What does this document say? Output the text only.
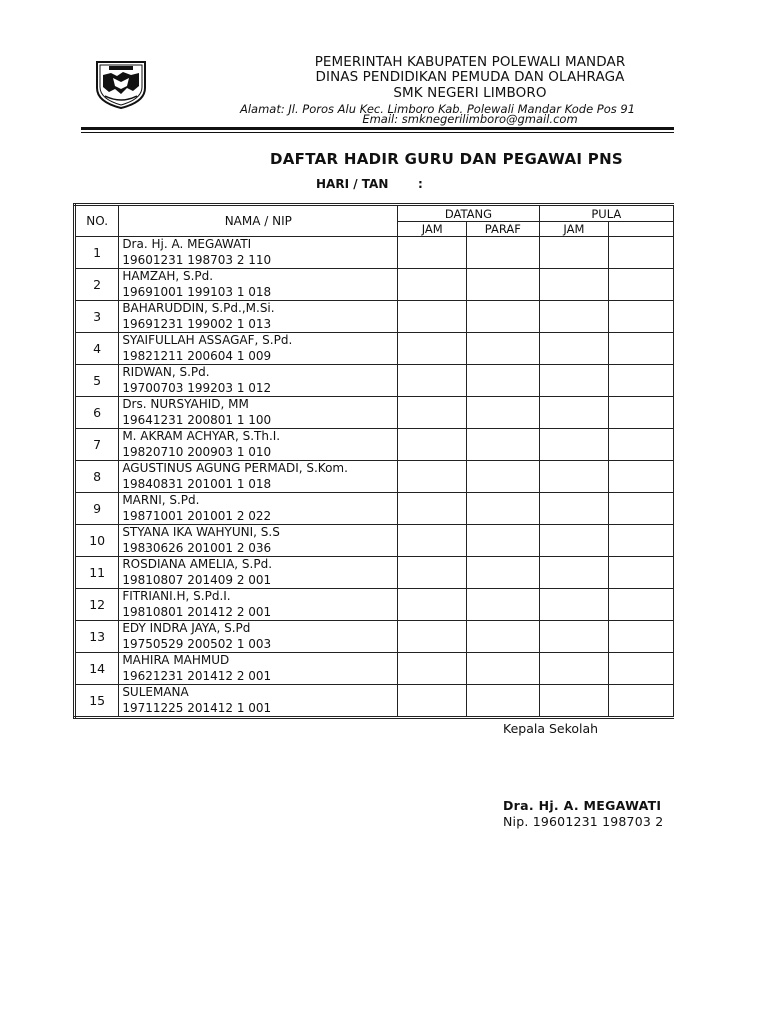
PEMERINTAH KABUPATEN POLEWALI MANDAR
DINAS PENDIDIKAN PEMUDA DAN OLAHRAGA
SMK NEGERI LIMBORO
Alamat: Jl. Poros Alu Kec. Limboro Kab. Polewali Mandar Kode Pos 91
Email: smknegerilimboro@gmail.com
DAFTAR HADIR GURU DAN PEGAWAI PNS
HARI / TAN :
NO.	NAMA / NIP	DATANG		PULA	
		JAM	PARAF	JAM	
1	Dra. Hj. A. MEGAWATI
19601231 198703 2 110				

2	HAMZAH, S.Pd.
19691001 199103 1 018				

3	BAHARUDDIN, S.Pd.,M.Si.
19691231 199002 1 013				

4	SYAIFULLAH ASSAGAF, S.Pd.
19821211 200604 1 009				

5	RIDWAN, S.Pd.
19700703 199203 1 012				

6	Drs. NURSYAHID, MM
19641231 200801 1 100				

7	M. AKRAM ACHYAR, S.Th.I.
19820710 200903 1 010				

8	AGUSTINUS AGUNG PERMADI, S.Kom.
19840831 201001 1 018				

9	MARNI, S.Pd.
19871001 201001 2 022				

10	STYANA IKA WAHYUNI, S.S
19830626 201001 2 036				

11	ROSDIANA AMELIA, S.Pd.
19810807 201409 2 001				

12	FITRIANI.H, S.Pd.I.
19810801 201412 2 001				

13	EDY INDRA JAYA, S.Pd
19750529 200502 1 003				

14	MAHIRA MAHMUD
19621231 201412 2 001				

15	SULEMANA
19711225 201412 1 001				

Kepala Sekolah
Dra. Hj. A. MEGAWATI
Nip. 19601231 198703 2
